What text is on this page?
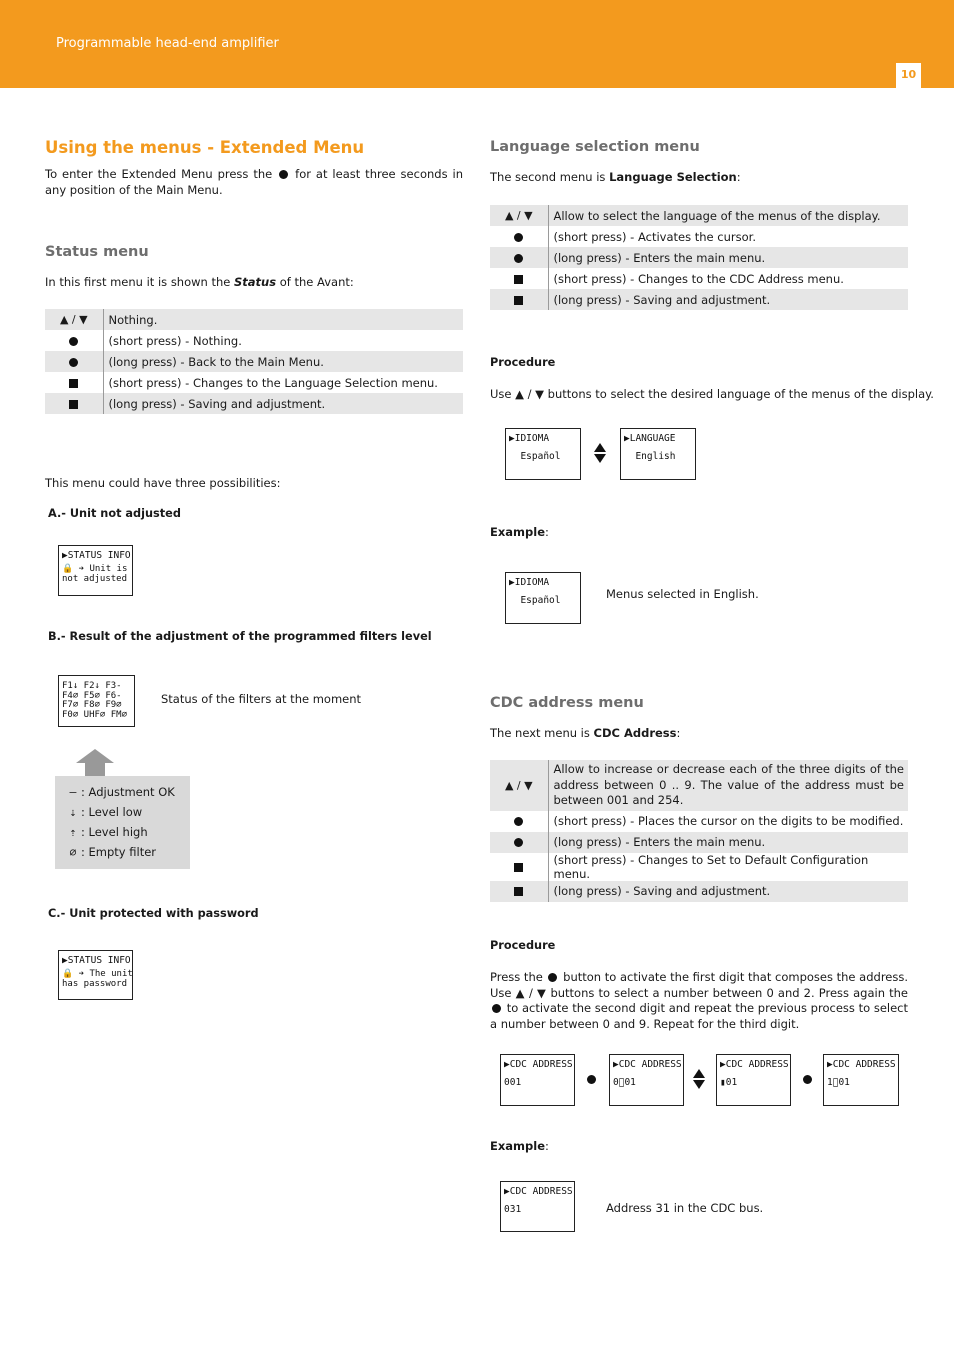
Programmable head-end amplifier
10
Using the menus - Extended Menu

To enter the Extended Menu press the for at least three seconds in any position of the Main Menu.

Status menu

In this first menu it is shown the Status of the Avant:

▲ / ▼	Nothing.
	(short press) - Nothing.
	(long press) - Back to the Main Menu.
	(short press) - Changes to the Language Selection menu.
	(long press) - Saving and adjustment.

This menu could have three possibilities:

A.- Unit not adjusted

▶STATUS INFO
🔒 ➔ Unit is
not adjusted

B.- Result of the adjustment of the programmed filters level

F1↓ F2↓ F3-
F4⌀ F5⌀ F6-
F7⌀ F8⌀ F9⌀
F0⌀ UHF⌀ FM⌀

Status of the filters at the moment

– : Adjustment OK
⇣ : Level low
⇡ : Level high
⌀ : Empty filter

C.- Unit protected with password

▶STATUS INFO
🔒 ➔ The unit
has password
Language selection menu

The second menu is Language Selection:

▲ / ▼	Allow to select the language of the menus of the display.
	(short press) - Activates the cursor.
	(long press) - Enters the main menu.
	(short press) - Changes to the CDC Address menu.
	(long press) - Saving and adjustment.

Procedure

Use ▲ / ▼ buttons to select the desired language of the menus of the display.

▶IDIOMA
Español
▶LANGUAGE
English

Example:

▶IDIOMA
Español	Menus selected in English.

CDC address menu

The next menu is CDC Address:

▲ / ▼	Allow to increase or decrease each of the three digits of the address between 0 .. 9. The value of the address must be between 001 and 254.
	(short press) - Places the cursor on the digits to be modified.
	(long press) - Enters the main menu.
	(short press) - Changes to Set to Default Configuration menu.
	(long press) - Saving and adjustment.

Procedure

Press the button to activate the first digit that composes the address. Use ▲ / ▼ buttons to select a number between 0 and 2. Press again the  to activate the second digit and repeat the previous process to select a number between 0 and 9. Repeat for the third digit.

▶CDC ADDRESS
001
▶CDC ADDRESS
0⃞01
▶CDC ADDRESS
▮01
▶CDC ADDRESS
1⃞01

Example:

▶CDC ADDRESS
031	Address 31 in the CDC bus.
